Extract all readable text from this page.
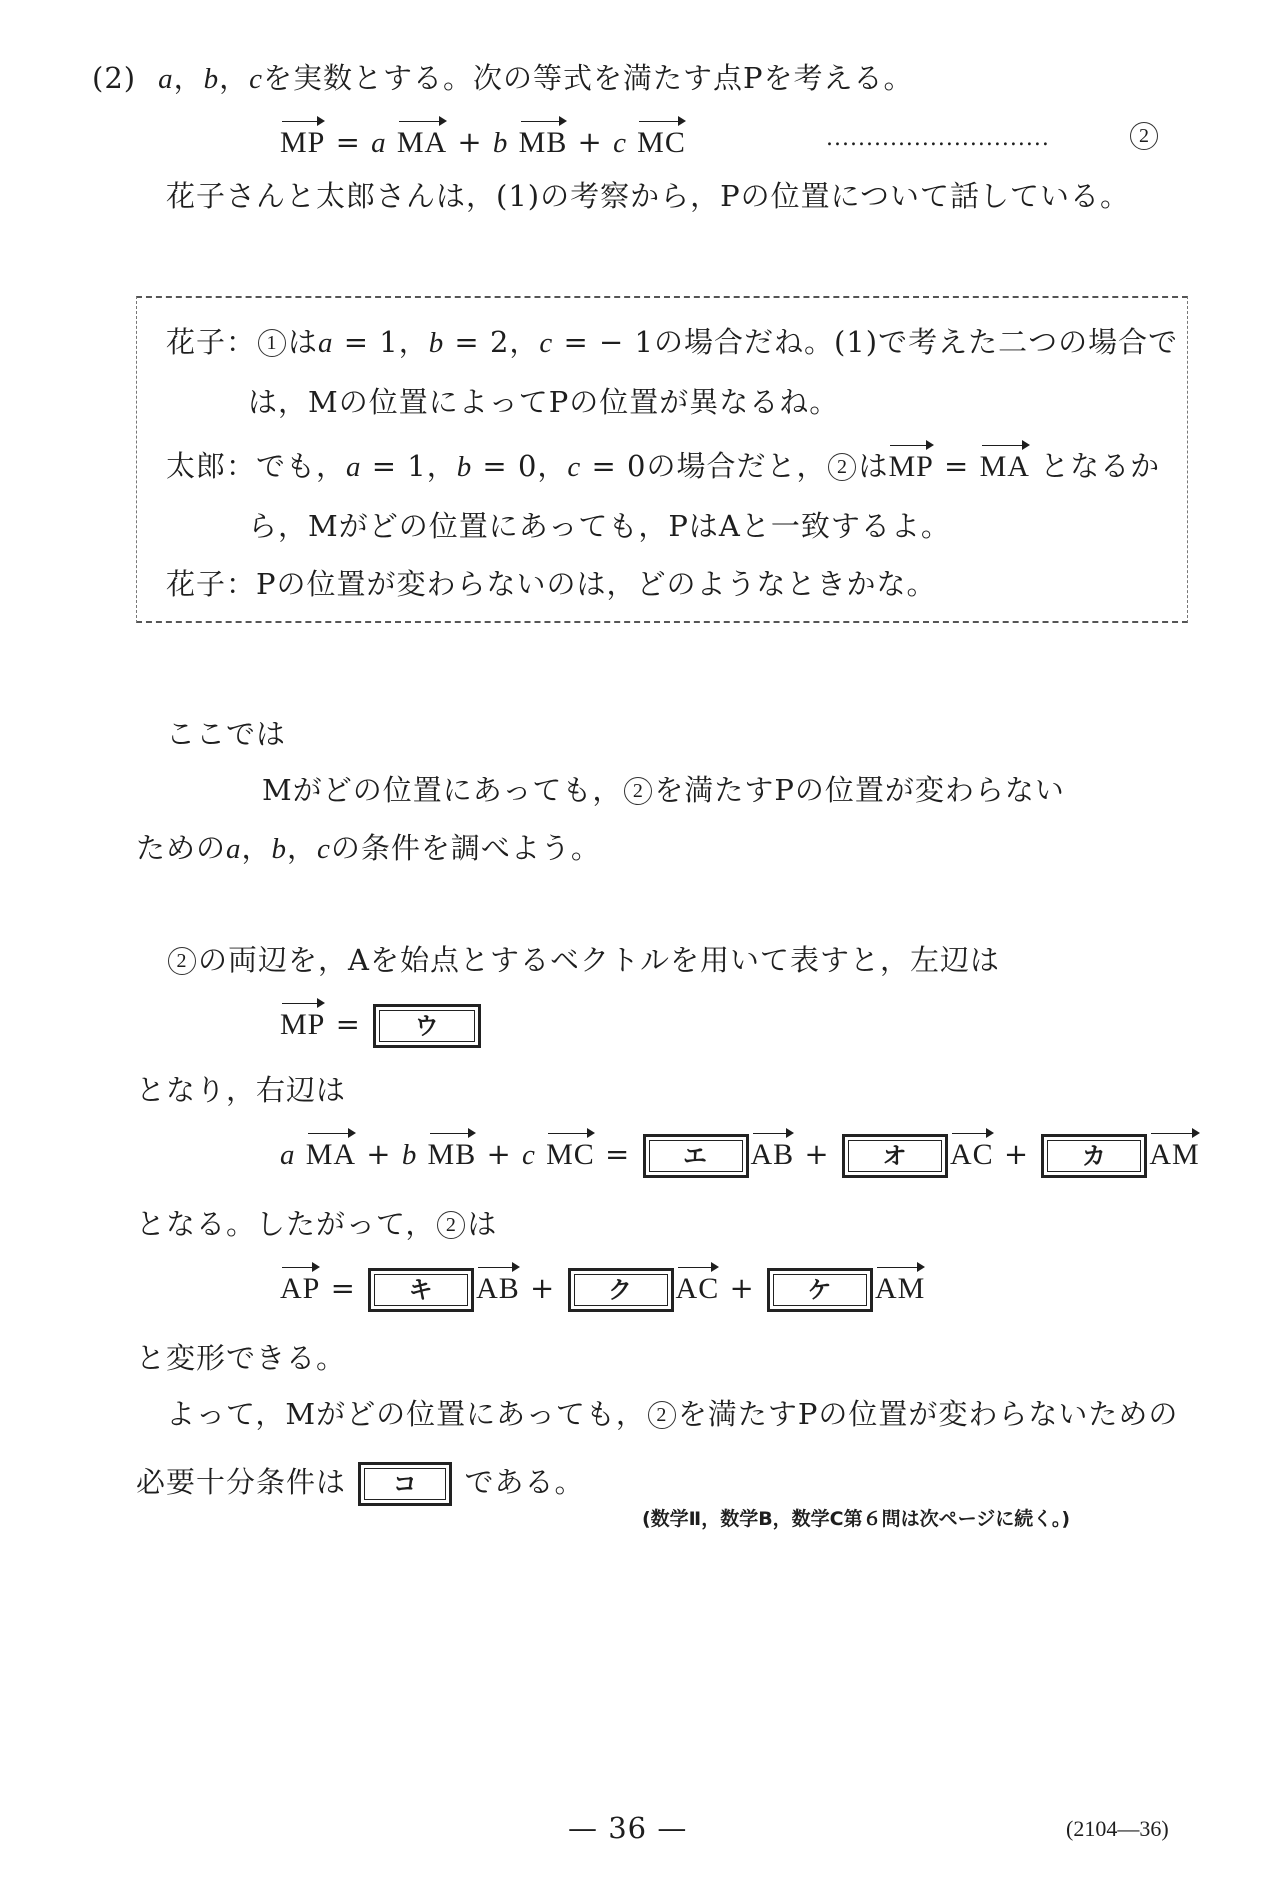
(2) a，b，cを実数とする。次の等式を満たす点Pを考える。
MP = a MA + b MB + c MC	............................	2
花子さんと太郎さんは，(1)の考察から，Pの位置について話している。
花子： 1 はa = 1，b = 2，c = − 1の場合だね。(1)で考えた二つの場合で
は，Mの位置によってPの位置が異なるね。
太郎：でも，a = 1，b = 0，c = 0の場合だと， 2 はMP = MA となるか
ら，Mがどの位置にあっても，PはAと一致するよ。
花子：Pの位置が変わらないのは，どのようなときかな。
ここでは
Mがどの位置にあっても， 2 を満たすPの位置が変わらない
ためのa，b，cの条件を調べよう。
2 の両辺を，Aを始点とするベクトルを用いて表すと，左辺は
MP =	ウ
となり，右辺は
a MA + b MB + c MC =	エ	AB +	オ	AC +	カ	AM
となる。したがって， 2 は
AP =	キ	AB +	ク	AC +	ケ	AM
と変形できる。
よって，Mがどの位置にあっても， 2 を満たすPの位置が変わらないための
必要十分条件は	コ	である。
(数学Ⅱ，数学B，数学C第６問は次ページに続く。)
— 36 —	(2104—36)
